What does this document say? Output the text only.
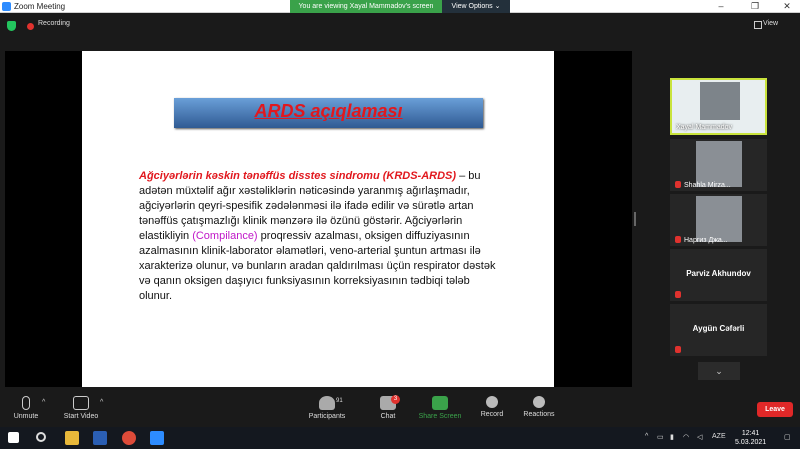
Zoom Meeting	You are viewing Xayal Mammadov's screen	View Options ⌄	–	❐	✕
Recording	View
ARDS açıqlaması
Ağciyərlərin kəskin tənəffüs disstes sindromu (KRDS-ARDS) – bu adətən müxtəlif ağır xəstəliklərin nəticəsində yaranmış ağırlaşmadır, ağciyərlərin qeyri-spesifik zədələnməsi ilə ifadə edilir və sürətlə artan tənəffüs çatışmazlığı klinik mənzərə ilə özünü göstərir. Ağciyərlərin elastikliyin (Compilance) proqressiv azalması, oksigen diffuziyasının azalmasının klinik-laborator əlamətləri, veno-arterial şuntun artması ilə xarakterizə olunur, və bunların aradan qaldırılması üçün respirator dəstək və qanın oksigen daşıyıcı funksiyasının korreksiyasının tədbiqi tələb olunur.
Xayal Mammadov
Shahla Mirza...
Наргиз Джа...
Parviz Akhundov
Aygün Cəfərli
⌄
Unmute
^
Start Video
^
Participants
91
Chat
3
Share Screen	Record	Reactions
Leave
^ ▭ ▮ ◠ ◁ AZE	12:41
5.03.2021
▢
